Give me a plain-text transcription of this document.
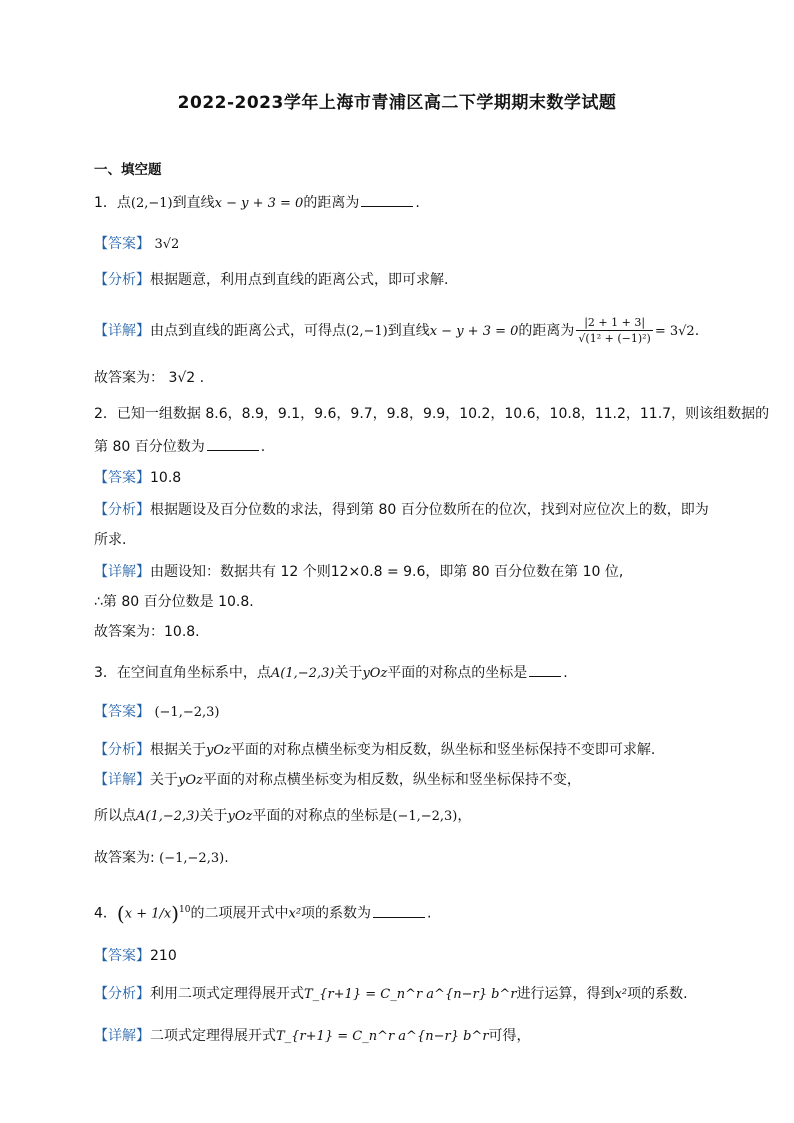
2022-2023学年上海市青浦区高二下学期期末数学试题
一、填空题
1．点(2,−1)到直线x − y + 3 = 0的距离为	.
【答案】 3√2
【分析】根据题意，利用点到直线的距离公式，即可求解.
【详解】由点到直线的距离公式，可得点(2,−1)到直线x − y + 3 = 0的距离为 $\frac{|2 + 1 + 3|}{\text{√(1² + (−1)²)}} = 3√2$.
故答案为： 3√2 .
2．已知一组数据 8.6，8.9，9.1，9.6，9.7，9.8，9.9，10.2，10.6，10.8，11.2，11.7，则该组数据的
第 80 百分位数为	.
【答案】10.8
【分析】根据题设及百分位数的求法，得到第 80 百分位数所在的位次，找到对应位次上的数，即为
所求.
【详解】由题设知：数据共有 12 个则12×0.8 = 9.6，即第 80 百分位数在第 10 位,
∴第 80 百分位数是 10.8.
故答案为：10.8.
3．在空间直角坐标系中，点A(1,−2,3)关于yOz平面的对称点的坐标是	.
【答案】 (−1,−2,3)
【分析】根据关于yOz平面的对称点横坐标变为相反数，纵坐标和竖坐标保持不变即可求解.
【详解】关于yOz平面的对称点横坐标变为相反数，纵坐标和竖坐标保持不变，
所以点A(1,−2,3)关于yOz平面的对称点的坐标是(−1,−2,3)，
故答案为: (−1,−2,3).
4．$(x + 1/x)^{10}$的二项展开式中x²项的系数为	.
【答案】210
【分析】利用二项式定理得展开式T_{r+1} = C_n^r a^{n−r} b^r进行运算，得到x²项的系数.
【详解】二项式定理得展开式T_{r+1} = C_n^r a^{n−r} b^r可得，
